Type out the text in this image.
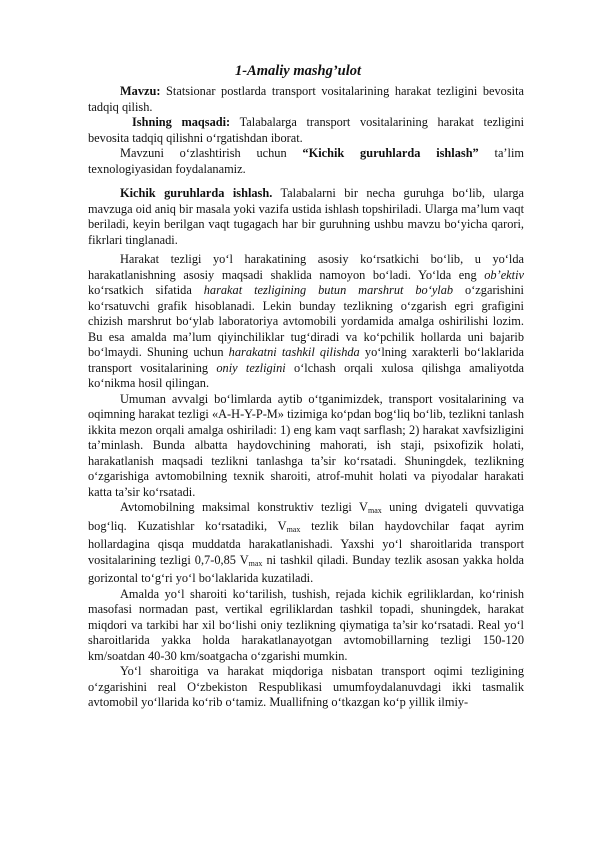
1-Amaliy mashg’ulot

Mavzu: Statsionar postlarda transport vositalarining harakat tezligini bevosita tadqiq qilish.

Ishning maqsadi: Talabalarga transport vositalarining harakat tezligini bevosita tadqiq qilishni o‘rgatishdan iborat.

Mavzuni o‘zlashtirish uchun “Kichik guruhlarda ishlash” ta’lim texnologiyasidan foydalanamiz.

Kichik guruhlarda ishlash. Talabalarni bir necha guruhga bo‘lib, ularga mavzuga oid aniq bir masala yoki vazifa ustida ishlash topshiriladi. Ularga ma’lum vaqt beriladi, keyin berilgan vaqt tugagach har bir guruhning ushbu mavzu bo‘yicha qarori, fikrlari tinglanadi.

Harakat tezligi yo‘l harakatining asosiy ko‘rsatkichi bo‘lib, u yo‘lda harakatlanishning asosiy maqsadi shaklida namoyon bo‘ladi. Yo‘lda eng ob’ektiv ko‘rsatkich sifatida harakat tezligining butun marshrut bo‘ylab o‘zgarishini ko‘rsatuvchi grafik hisoblanadi. Lekin bunday tezlikning o‘zgarish egri grafigini chizish marshrut bo‘ylab laboratoriya avtomobili yordamida amalga oshirilishi lozim. Bu esa amalda ma’lum qiyinchiliklar tug‘diradi va ko‘pchilik hollarda uni bajarib bo‘lmaydi. Shuning uchun harakatni tashkil qilishda yo‘lning xarakterli bo‘laklarida transport vositalarining oniy tezligini o‘lchash orqali xulosa qilishga amaliyotda ko‘nikma hosil qilingan.

Umuman avvalgi bo‘limlarda aytib o‘tganimizdek, transport vositalarining va oqimning harakat tezligi «A-H-Y-P-M» tizimiga ko‘pdan bog‘liq bo‘lib, tezlikni tanlash ikkita mezon orqali amalga oshiriladi: 1) eng kam vaqt sarflash; 2) harakat xavfsizligini ta’minlash. Bunda albatta haydovchining mahorati, ish staji, psixofizik holati, harakatlanish maqsadi tezlikni tanlashga ta’sir ko‘rsatadi. Shuningdek, tezlikning o‘zgarishiga avtomobilning texnik sharoiti, atrof-muhit holati va piyodalar harakati katta ta’sir ko‘rsatadi.

Avtomobilning maksimal konstruktiv tezligi $V_{max}$ uning dvigateli quvvatiga bog‘liq. Kuzatishlar ko‘rsatadiki, $V_{max}$ tezlik bilan haydovchilar faqat ayrim hollardagina qisqa muddatda harakatlanishadi. Yaxshi yo‘l sharoitlarida transport vositalarining tezligi 0,7-0,85 $V_{max}$ ni tashkil qiladi. Bunday tezlik asosan yakka holda gorizontal to‘g‘ri yo‘l bo‘laklarida kuzatiladi.

Amalda yo‘l sharoiti ko‘tarilish, tushish, rejada kichik egriliklardan, ko‘rinish masofasi normadan past, vertikal egriliklardan tashkil topadi, shuningdek, harakat miqdori va tarkibi har xil bo‘lishi oniy tezlikning qiymatiga ta’sir ko‘rsatadi. Real yo‘l sharoitlarida yakka holda harakatlanayotgan avtomobillarning tezligi 150-120 km/soatdan 40-30 km/soatgacha o‘zgarishi mumkin.

Yo‘l sharoitiga va harakat miqdoriga nisbatan transport oqimi tezligining o‘zgarishini real O‘zbekiston Respublikasi umumfoydalanuvdagi ikki tasmalik avtomobil yo‘llarida ko‘rib o‘tamiz. Muallifning o‘tkazgan ko‘p yillik ilmiy-
